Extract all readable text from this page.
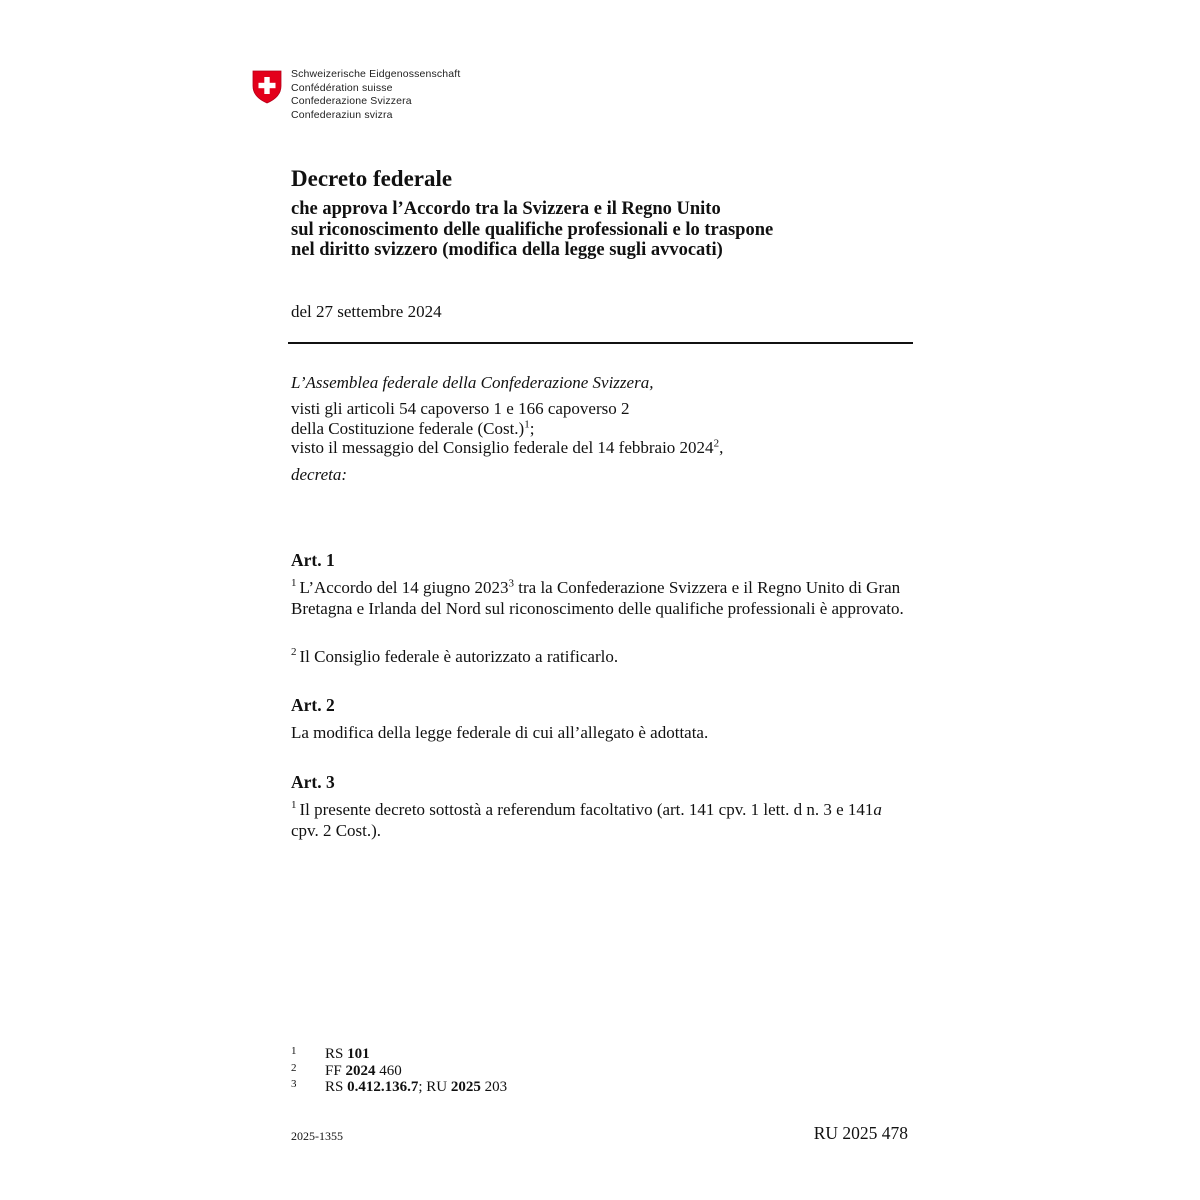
Schweizerische Eidgenossenschaft
Confédération suisse
Confederazione Svizzera
Confederaziun svizra
Decreto federale
che approva l’Accordo tra la Svizzera e il Regno Unito
sul riconoscimento delle qualifiche professionali e lo traspone
nel diritto svizzero (modifica della legge sugli avvocati)
del 27 settembre 2024
L’Assemblea federale della Confederazione Svizzera,
visti gli articoli 54 capoverso 1 e 166 capoverso 2
della Costituzione federale (Cost.)$^1$;
visto il messaggio del Consiglio federale del 14 febbraio 2024$^2$,
decreta:
Art. 1
$^1$ L’Accordo del 14 giugno 2023$^3$ tra la Confederazione Svizzera e il Regno Unito di Gran Bretagna e Irlanda del Nord sul riconoscimento delle qualifiche professionali è approvato.
$^2$ Il Consiglio federale è autorizzato a ratificarlo.
Art. 2
La modifica della legge federale di cui all’allegato è adottata.
Art. 3
$^1$ Il presente decreto sottostà a referendum facoltativo (art. 141 cpv. 1 lett. d n. 3 e 141a cpv. 2 Cost.).
1	RS 101
2	FF 2024 460
3	RS 0.412.136.7; RU 2025 203
2025-1355	RU 2025 478
